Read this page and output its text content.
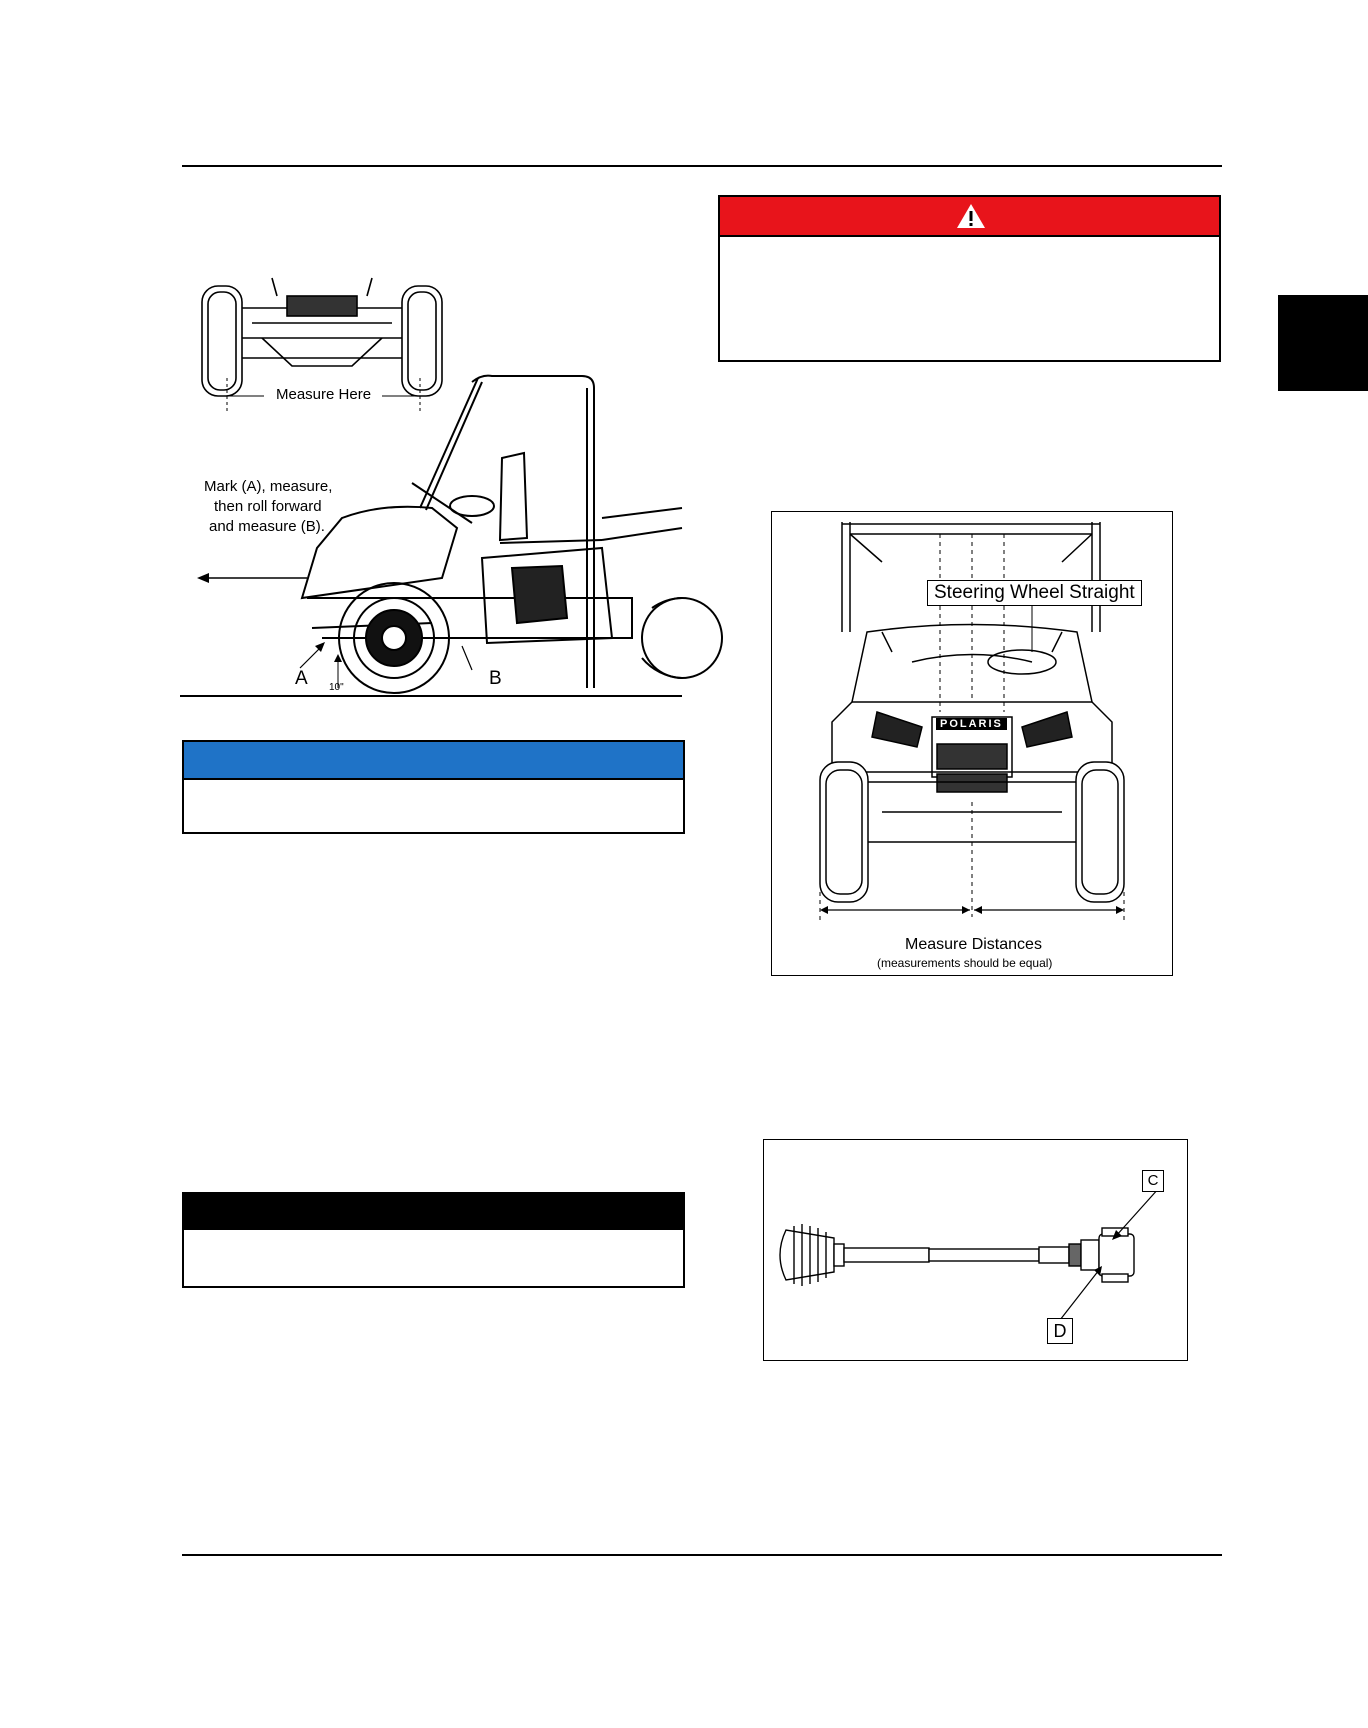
Measure Here
Mark (A), measure,
then roll forward
and measure (B).
A	B
10"
Steering Wheel Straight
POLARIS
Measure Distances
(measurements should be equal)
C
D
